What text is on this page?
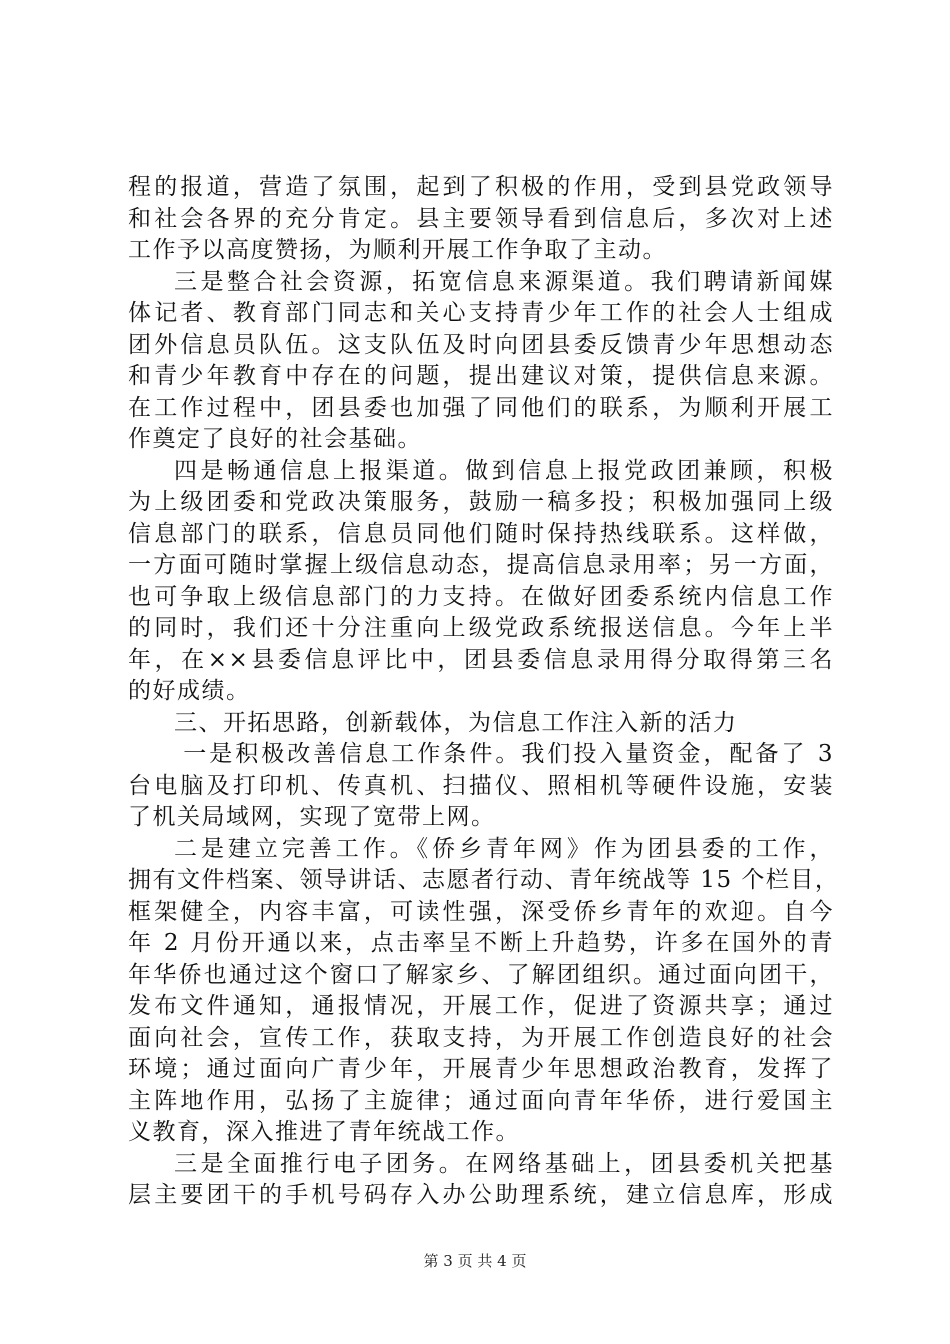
程的报道，营造了氛围，起到了积极的作用，受到县党政领导
和社会各界的充分肯定。县主要领导看到信息后，多次对上述
工作予以高度赞扬，为顺利开展工作争取了主动。
三是整合社会资源，拓宽信息来源渠道。我们聘请新闻媒
体记者、教育部门同志和关心支持青少年工作的社会人士组成
团外信息员队伍。这支队伍及时向团县委反馈青少年思想动态
和青少年教育中存在的问题，提出建议对策，提供信息来源。
在工作过程中，团县委也加强了同他们的联系，为顺利开展工
作奠定了良好的社会基础。
四是畅通信息上报渠道。做到信息上报党政团兼顾，积极
为上级团委和党政决策服务，鼓励一稿多投；积极加强同上级
信息部门的联系，信息员同他们随时保持热线联系。这样做，
一方面可随时掌握上级信息动态，提高信息录用率；另一方面，
也可争取上级信息部门的力支持。在做好团委系统内信息工作
的同时，我们还十分注重向上级党政系统报送信息。今年上半
年，在××县委信息评比中，团县委信息录用得分取得第三名
的好成绩。
三、开拓思路，创新载体，为信息工作注入新的活力
一是积极改善信息工作条件。我们投入量资金，配备了 3
台电脑及打印机、传真机、扫描仪、照相机等硬件设施，安装
了机关局域网，实现了宽带上网。
二是建立完善工作。《侨乡青年网》作为团县委的工作，
拥有文件档案、领导讲话、志愿者行动、青年统战等 15 个栏目，
框架健全，内容丰富，可读性强，深受侨乡青年的欢迎。自今
年 2 月份开通以来，点击率呈不断上升趋势，许多在国外的青
年华侨也通过这个窗口了解家乡、了解团组织。通过面向团干，
发布文件通知，通报情况，开展工作，促进了资源共享；通过
面向社会，宣传工作，获取支持，为开展工作创造良好的社会
环境；通过面向广青少年，开展青少年思想政治教育，发挥了
主阵地作用，弘扬了主旋律；通过面向青年华侨，进行爱国主
义教育，深入推进了青年统战工作。
三是全面推行电子团务。在网络基础上，团县委机关把基
层主要团干的手机号码存入办公助理系统，建立信息库，形成
第 3 页 共 4 页
